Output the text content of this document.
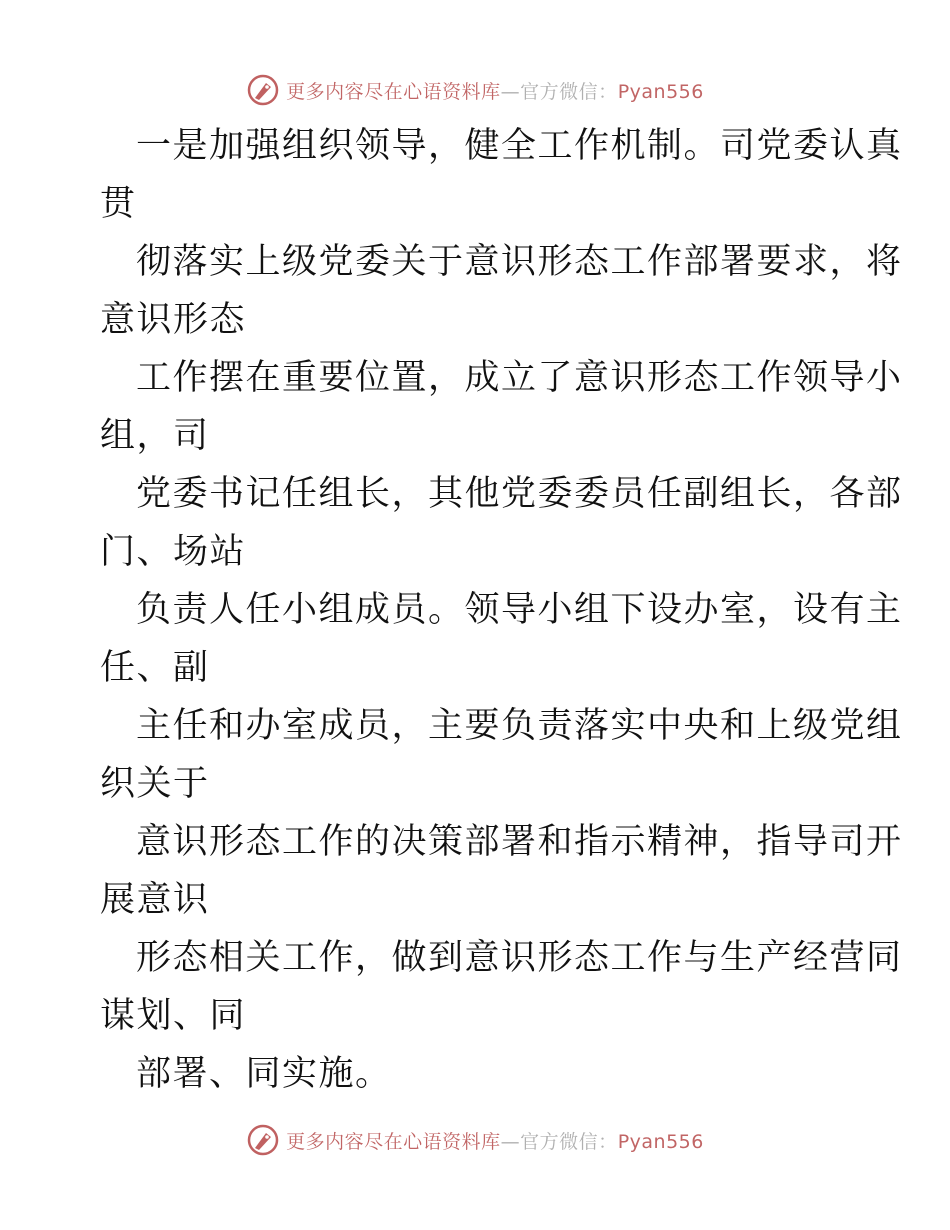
更多内容尽在心语资料库—官方微信：Pyan556
一是加强组织领导，健全工作机制。司党委认真
贯
彻落实上级党委关于意识形态工作部署要求，将
意识形态
工作摆在重要位置，成立了意识形态工作领导小
组，司
党委书记任组长，其他党委委员任副组长，各部
门、场站
负责人任小组成员。领导小组下设办室，设有主
任、副
主任和办室成员，主要负责落实中央和上级党组
织关于
意识形态工作的决策部署和指示精神，指导司开
展意识
形态相关工作，做到意识形态工作与生产经营同
谋划、同
部署、同实施。
更多内容尽在心语资料库—官方微信：Pyan556
